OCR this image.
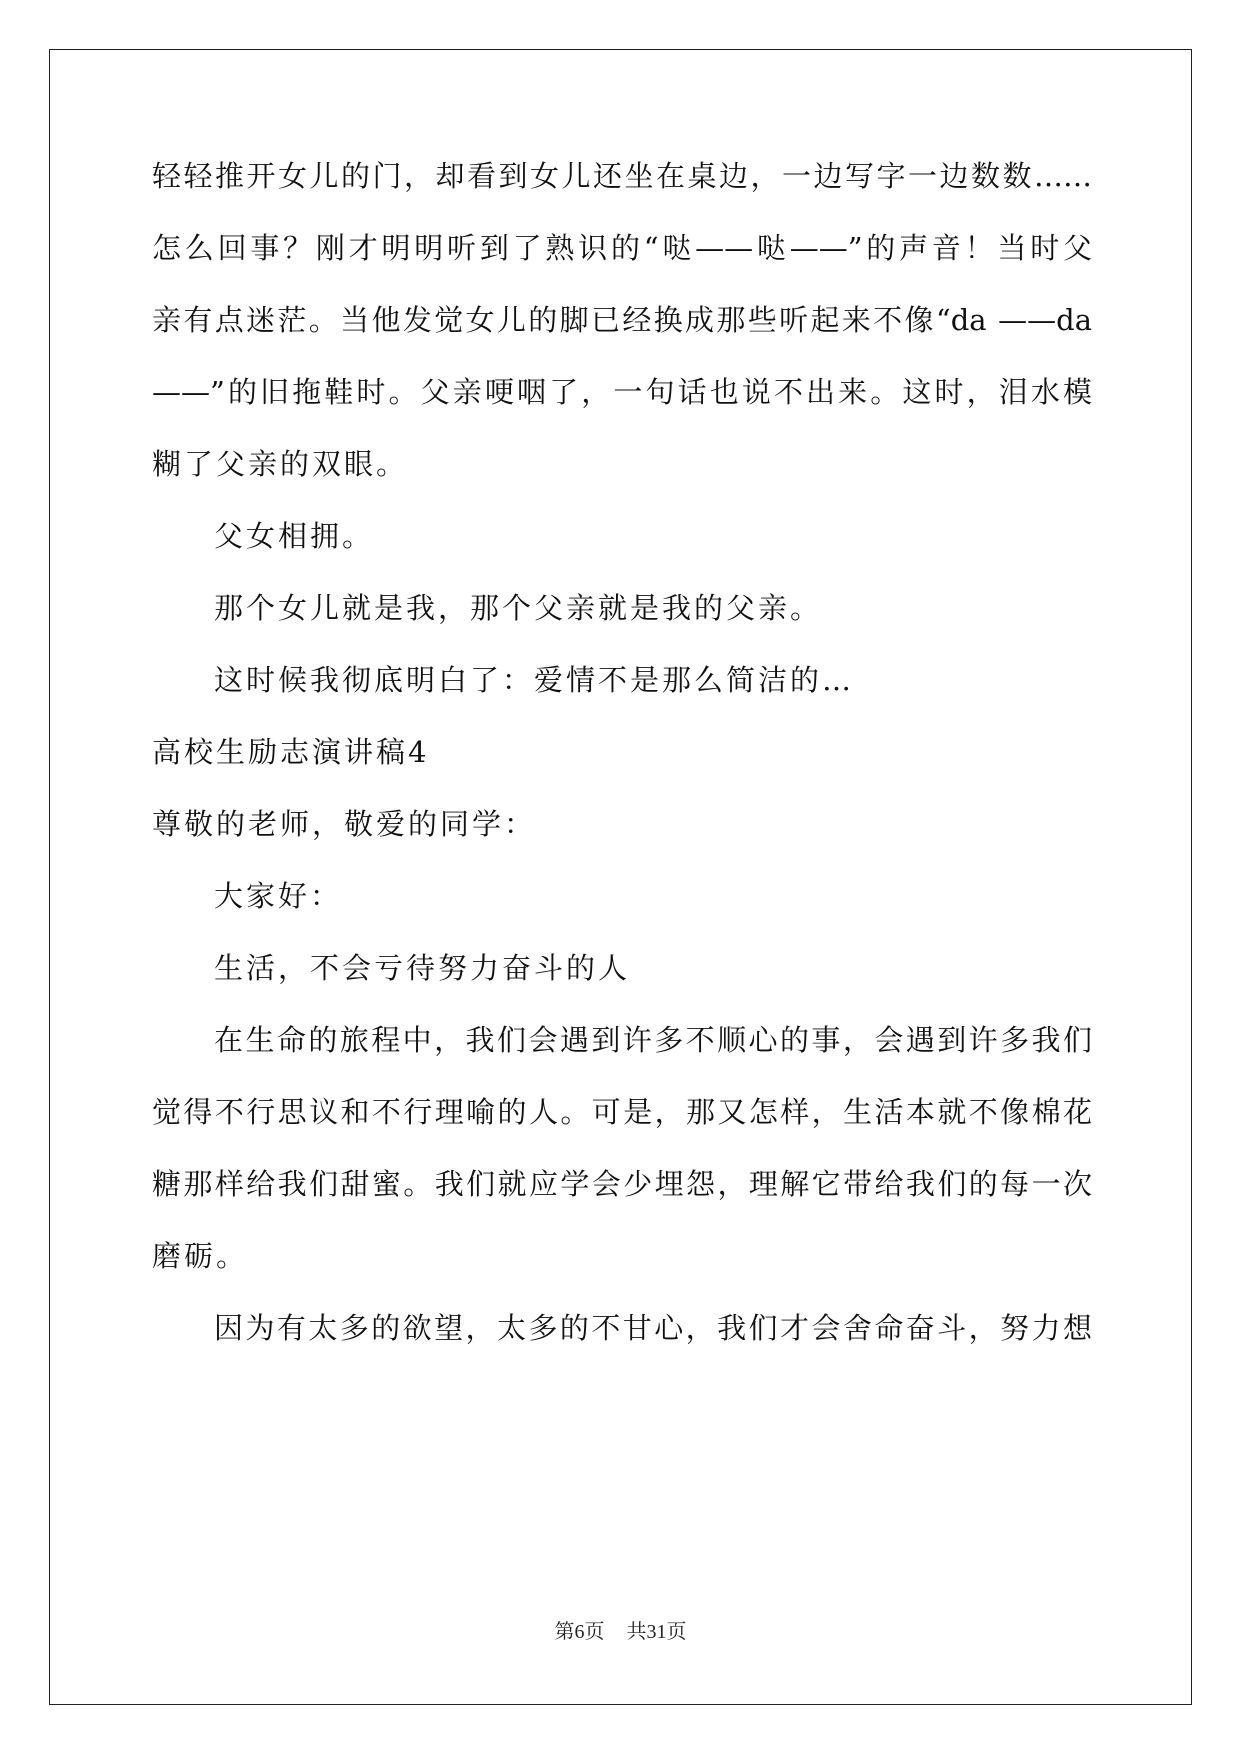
轻轻推开女儿的门，却看到女儿还坐在桌边，一边写字一边数数……
怎么回事？刚才明明听到了熟识的“哒——哒——”的声音！当时父
亲有点迷茫。当他发觉女儿的脚已经换成那些听起来不像“da ——da
——”的旧拖鞋时。父亲哽咽了，一句话也说不出来。这时，泪水模
糊了父亲的双眼。
父女相拥。
那个女儿就是我，那个父亲就是我的父亲。
这时候我彻底明白了：爱情不是那么简洁的…
高校生励志演讲稿4
尊敬的老师，敬爱的同学：
大家好：
生活，不会亏待努力奋斗的人
在生命的旅程中，我们会遇到许多不顺心的事，会遇到许多我们
觉得不行思议和不行理喻的人。可是，那又怎样，生活本就不像棉花
糖那样给我们甜蜜。我们就应学会少埋怨，理解它带给我们的每一次
磨砺。
因为有太多的欲望，太多的不甘心，我们才会舍命奋斗，努力想
第6页 共31页
